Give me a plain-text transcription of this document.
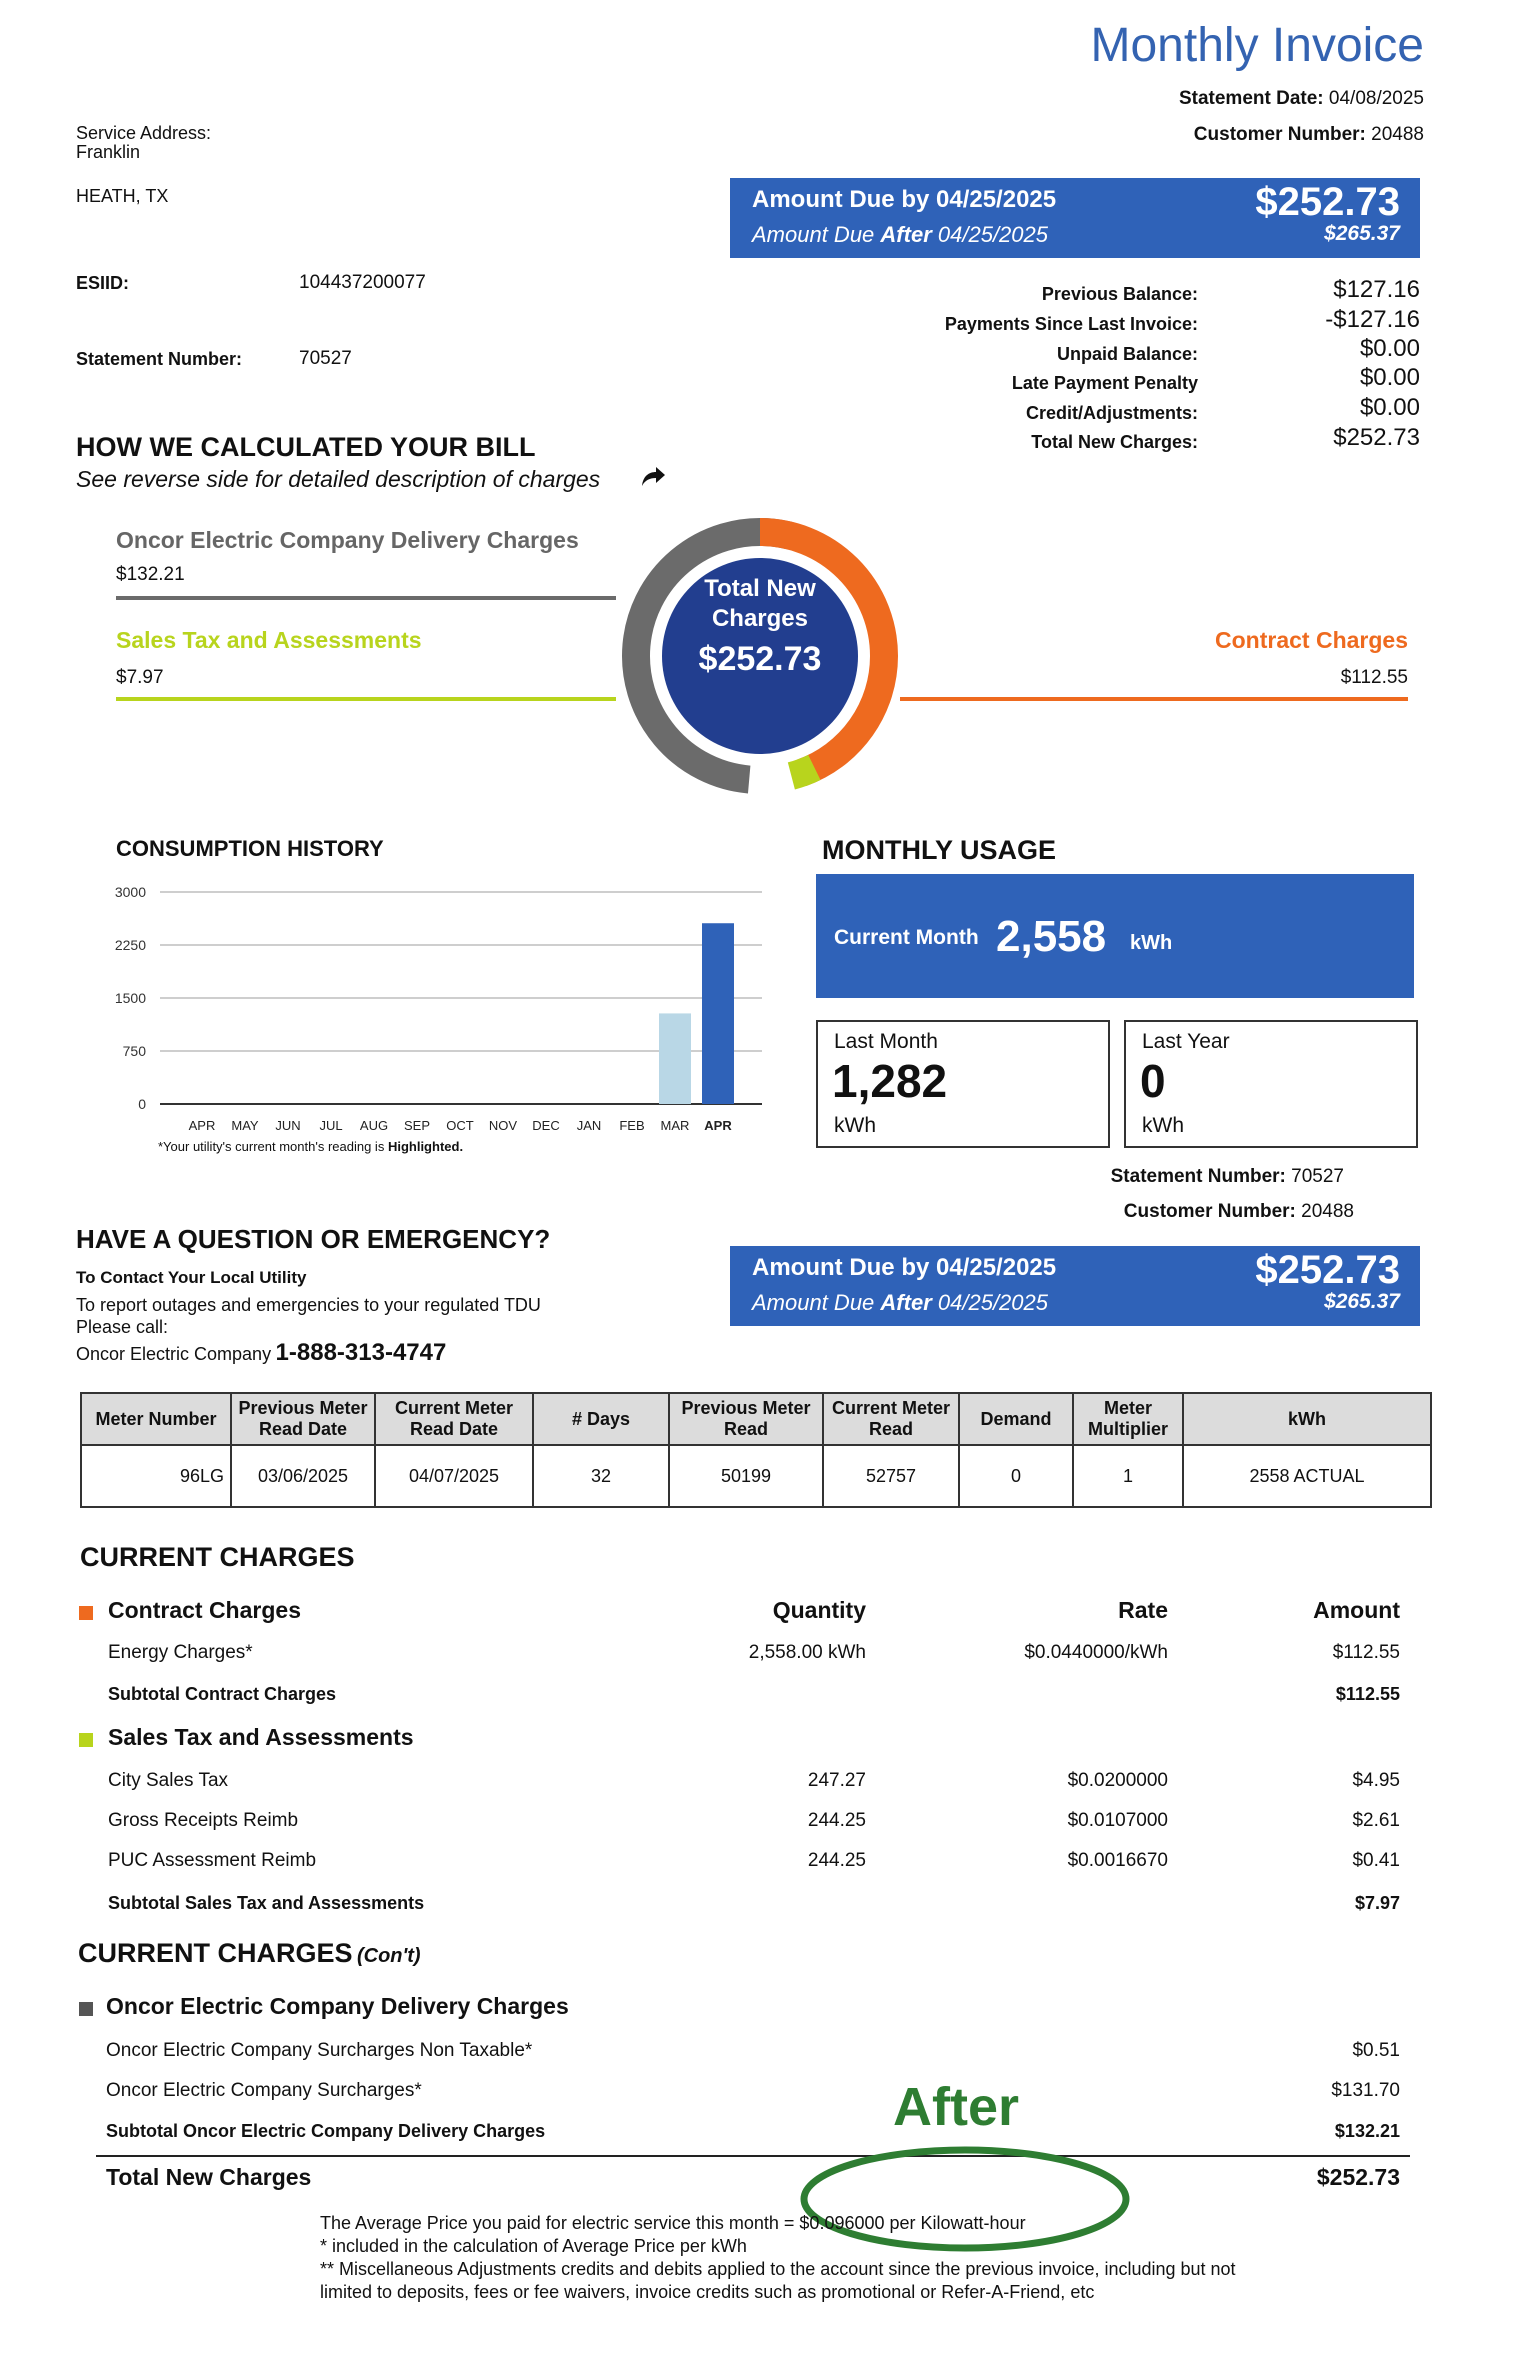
Monthly Invoice
Statement Date: 04/08/2025
Customer Number: 20488
Service Address:
Franklin
HEATH, TX
ESIID:	104437200077
Statement Number:	70527
Amount Due by 04/25/2025
Amount Due After 04/25/2025
$252.73
$265.37
Previous Balance:	$127.16
Payments Since Last Invoice:	-$127.16
Unpaid Balance:	$0.00
Late Payment Penalty	$0.00
Credit/Adjustments:	$0.00
Total New Charges:	$252.73
HOW WE CALCULATED YOUR BILL
See reverse side for detailed description of charges
Oncor Electric Company Delivery Charges
$132.21
Sales Tax and Assessments
$7.97
Contract Charges
$112.55
Total New
Charges
$252.73
CONSUMPTION HISTORY
0
750
1500
2250
3000
APR MAY JUN JUL AUG SEP OCT NOV DEC JAN FEB MAR APR
*Your utility's current month's reading is Highlighted.
MONTHLY USAGE
Current Month 2,558 kWh
Last Month
1,282
kWh
Last Year
0
kWh
Statement Number: 70527
Customer Number: 20488
HAVE A QUESTION OR EMERGENCY?
To Contact Your Local Utility
To report outages and emergencies to your regulated TDU
Please call:
Oncor Electric Company 1-888-313-4747
Amount Due by 04/25/2025
Amount Due After 04/25/2025
$252.73
$265.37
Meter Number	Previous Meter Read Date	Current Meter Read Date	# Days	Previous Meter Read	Current Meter Read	Demand	Meter Multiplier	kWh
96LG	03/06/2025	04/07/2025	32	50199	52757	0	1	2558 ACTUAL
CURRENT CHARGES
Contract Charges	Quantity	Rate	Amount
Energy Charges*	2,558.00 kWh	$0.0440000/kWh	$112.55
Subtotal Contract Charges	$112.55
Sales Tax and Assessments
City Sales Tax	247.27	$0.0200000	$4.95
Gross Receipts Reimb	244.25	$0.0107000	$2.61
PUC Assessment Reimb	244.25	$0.0016670	$0.41
Subtotal Sales Tax and Assessments	$7.97
CURRENT CHARGES (Con't)
Oncor Electric Company Delivery Charges
Oncor Electric Company Surcharges Non Taxable*	$0.51
Oncor Electric Company Surcharges*	$131.70
Subtotal Oncor Electric Company Delivery Charges	$132.21
Total New Charges	$252.73
After
The Average Price you paid for electric service this month = $0.096000 per Kilowatt-hour
* included in the calculation of Average Price per kWh
** Miscellaneous Adjustments credits and debits applied to the account since the previous invoice, including but not
limited to deposits, fees or fee waivers, invoice credits such as promotional or Refer-A-Friend, etc
